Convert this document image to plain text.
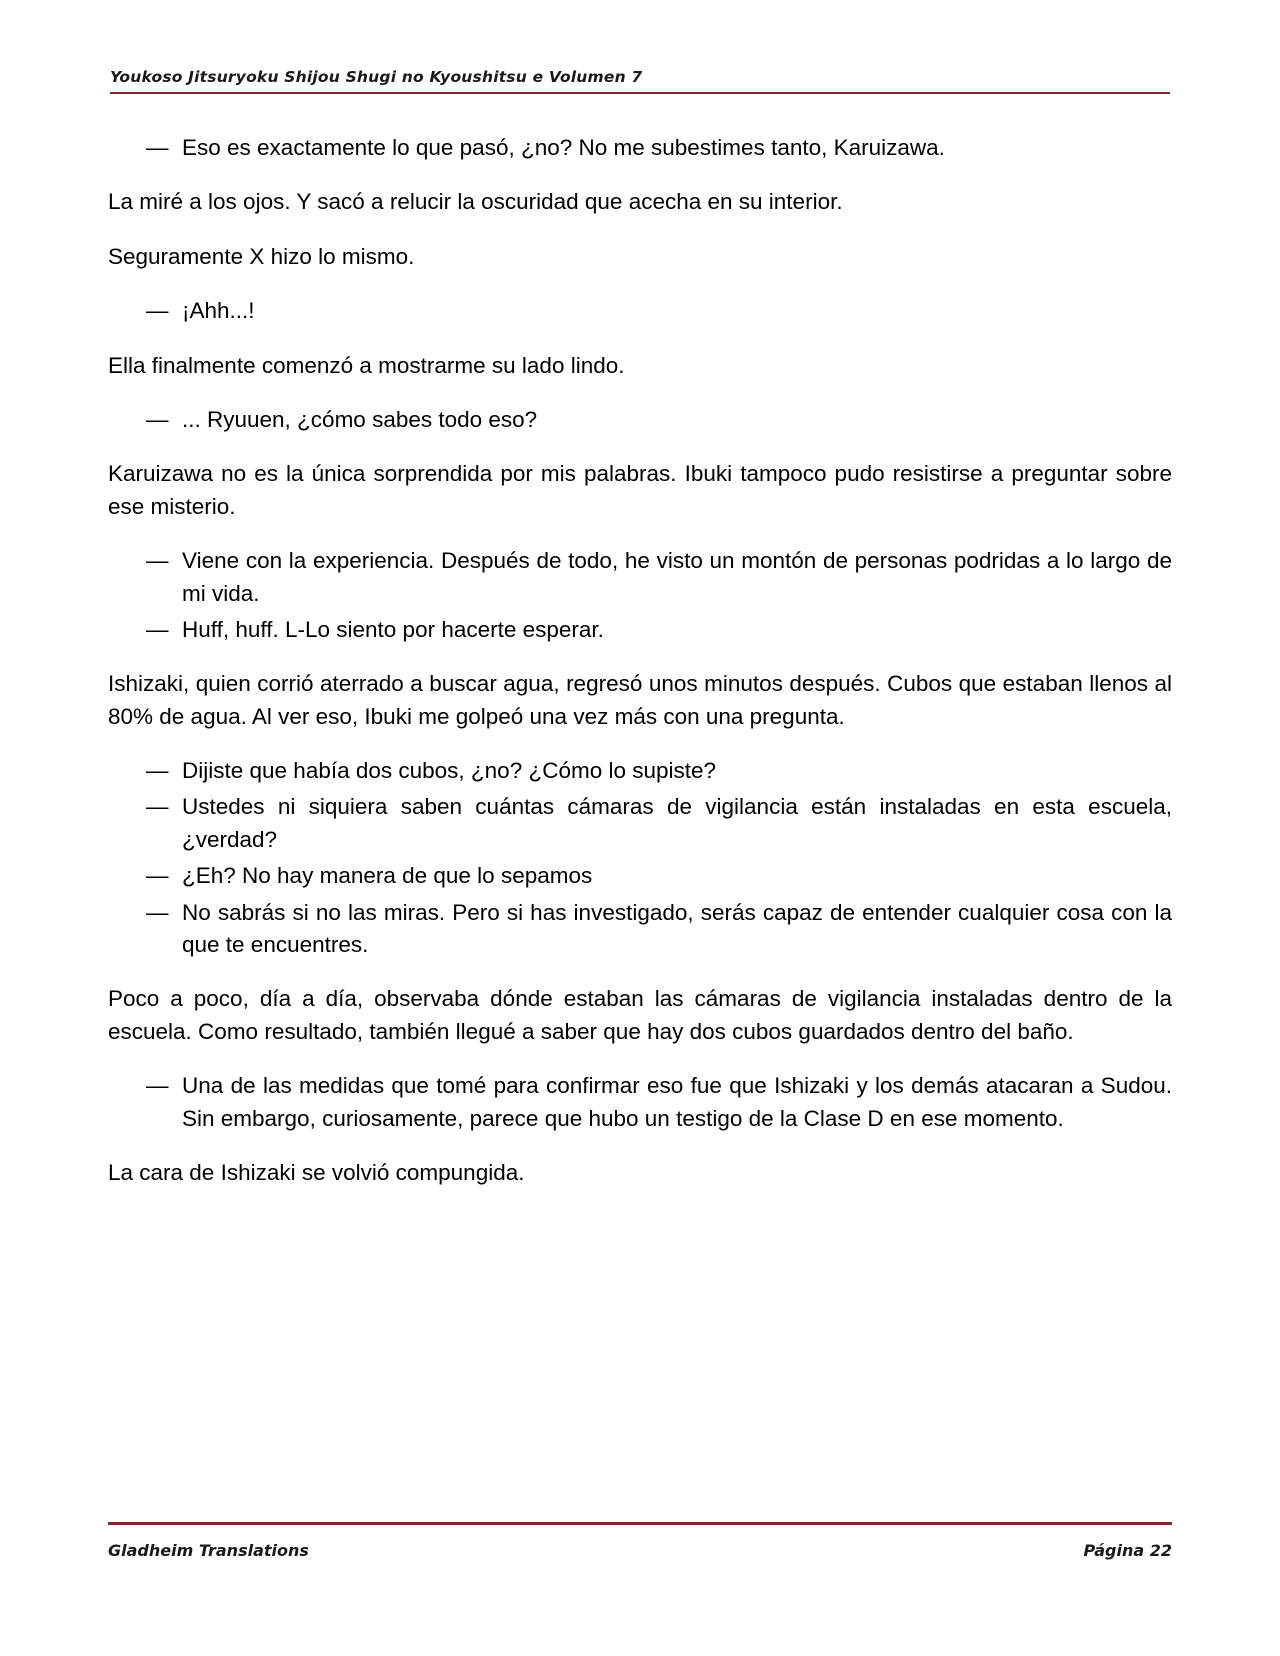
Youkoso Jitsuryoku Shijou Shugi no Kyoushitsu e Volumen 7
— Eso es exactamente lo que pasó, ¿no? No me subestimes tanto, Karuizawa.

La miré a los ojos. Y sacó a relucir la oscuridad que acecha en su interior.

Seguramente X hizo lo mismo.

— ¡Ahh...!

Ella finalmente comenzó a mostrarme su lado lindo.

— ... Ryuuen, ¿cómo sabes todo eso?

Karuizawa no es la única sorprendida por mis palabras. Ibuki tampoco pudo resistirse a preguntar sobre ese misterio.

— Viene con la experiencia. Después de todo, he visto un montón de personas podridas a lo largo de mi vida.
— Huff, huff. L-Lo siento por hacerte esperar.

Ishizaki, quien corrió aterrado a buscar agua, regresó unos minutos después. Cubos que estaban llenos al 80% de agua. Al ver eso, Ibuki me golpeó una vez más con una pregunta.

— Dijiste que había dos cubos, ¿no? ¿Cómo lo supiste?
— Ustedes ni siquiera saben cuántas cámaras de vigilancia están instaladas en esta escuela, ¿verdad?
— ¿Eh? No hay manera de que lo sepamos
— No sabrás si no las miras. Pero si has investigado, serás capaz de entender cualquier cosa con la que te encuentres.

Poco a poco, día a día, observaba dónde estaban las cámaras de vigilancia instaladas dentro de la escuela. Como resultado, también llegué a saber que hay dos cubos guardados dentro del baño.

— Una de las medidas que tomé para confirmar eso fue que Ishizaki y los demás atacaran a Sudou. Sin embargo, curiosamente, parece que hubo un testigo de la Clase D en ese momento.

La cara de Ishizaki se volvió compungida.

Gladheim Translations	Página 22
